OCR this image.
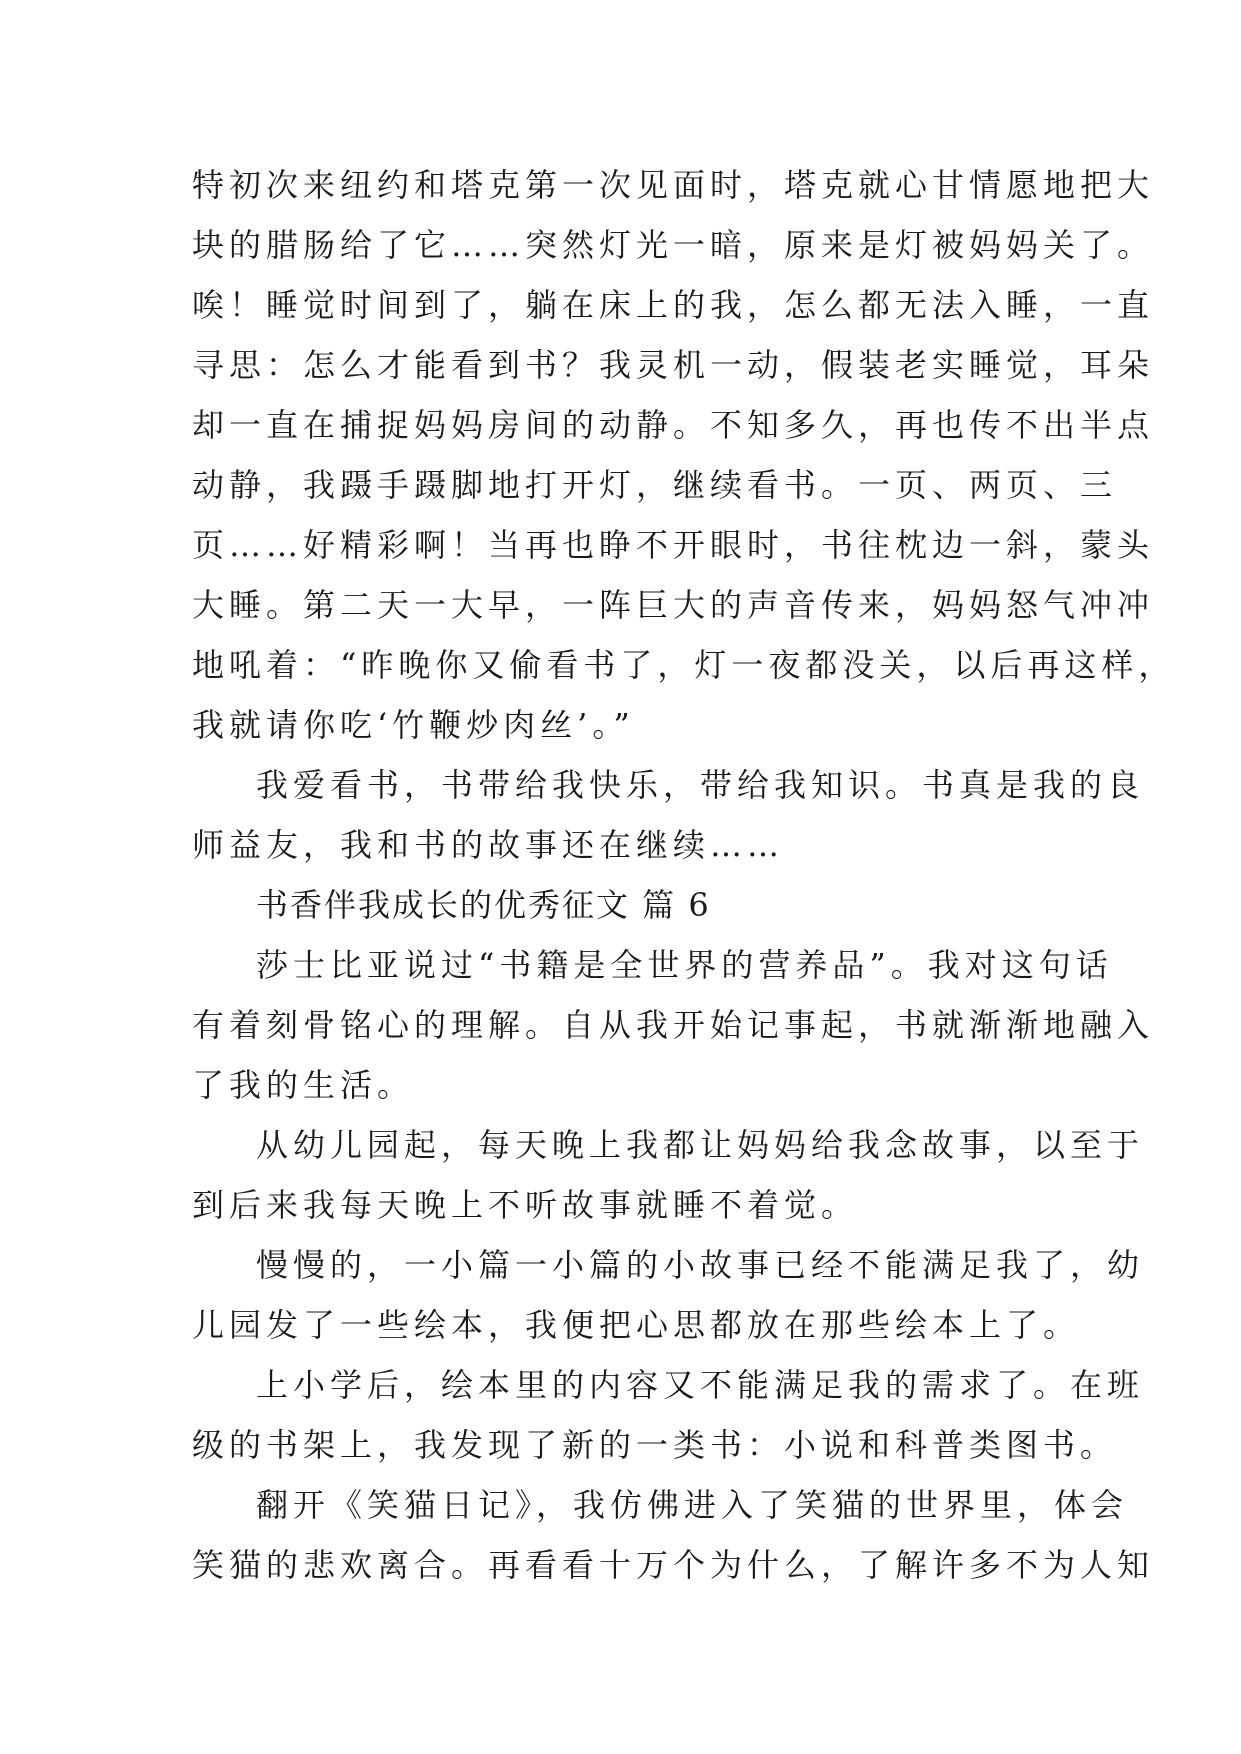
特初次来纽约和塔克第一次见面时，塔克就心甘情愿地把大
块的腊肠给了它……突然灯光一暗，原来是灯被妈妈关了。
唉！睡觉时间到了，躺在床上的我，怎么都无法入睡，一直
寻思：怎么才能看到书？我灵机一动，假装老实睡觉，耳朵
却一直在捕捉妈妈房间的动静。不知多久，再也传不出半点
动静，我蹑手蹑脚地打开灯，继续看书。一页、两页、三
页……好精彩啊！当再也睁不开眼时，书往枕边一斜，蒙头
大睡。第二天一大早，一阵巨大的声音传来，妈妈怒气冲冲
地吼着：“昨晚你又偷看书了，灯一夜都没关，以后再这样，
我就请你吃‘竹鞭炒肉丝’。”
我爱看书，书带给我快乐，带给我知识。书真是我的良
师益友，我和书的故事还在继续……
书香伴我成长的优秀征文 篇 6
莎士比亚说过“书籍是全世界的营养品”。我对这句话
有着刻骨铭心的理解。自从我开始记事起，书就渐渐地融入
了我的生活。
从幼儿园起，每天晚上我都让妈妈给我念故事，以至于
到后来我每天晚上不听故事就睡不着觉。
慢慢的，一小篇一小篇的小故事已经不能满足我了，幼
儿园发了一些绘本，我便把心思都放在那些绘本上了。
上小学后，绘本里的内容又不能满足我的需求了。在班
级的书架上，我发现了新的一类书：小说和科普类图书。
翻开《笑猫日记》，我仿佛进入了笑猫的世界里，体会
笑猫的悲欢离合。再看看十万个为什么，了解许多不为人知
